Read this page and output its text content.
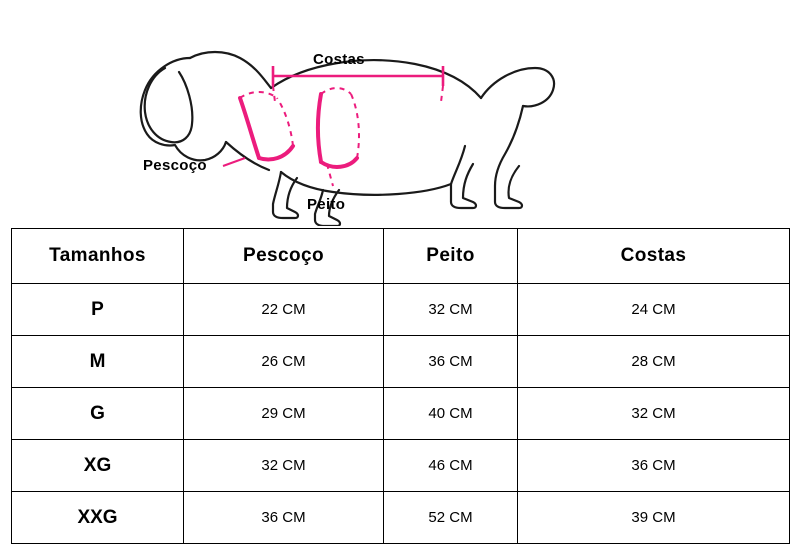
Costas
Pescoço
Peito
Tamanhos	Pescoço	Peito	Costas
P	22 CM	32 CM	24 CM
M	26 CM	36 CM	28 CM
G	29 CM	40 CM	32 CM
XG	32 CM	46 CM	36 CM
XXG	36 CM	52 CM	39 CM
